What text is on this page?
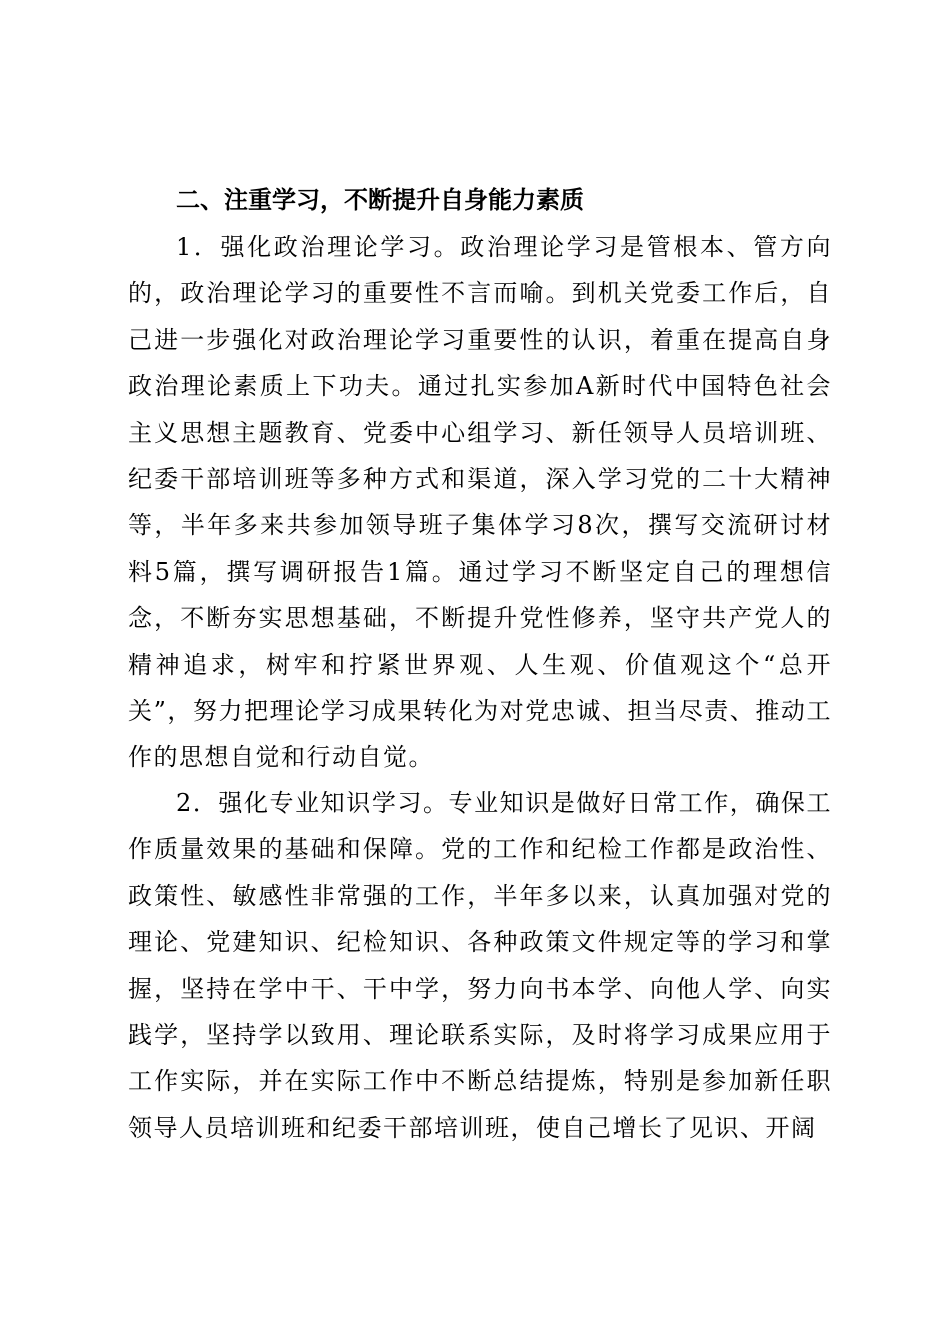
二、注重学习，不断提升自身能力素质

1．强化政治理论学习。政治理论学习是管根本、管方向的，政治理论学习的重要性不言而喻。到机关党委工作后，自己进一步强化对政治理论学习重要性的认识，着重在提高自身政治理论素质上下功夫。通过扎实参加A新时代中国特色社会主义思想主题教育、党委中心组学习、新任领导人员培训班、纪委干部培训班等多种方式和渠道，深入学习党的二十大精神等，半年多来共参加领导班子集体学习8次，撰写交流研讨材料5篇，撰写调研报告1篇。通过学习不断坚定自己的理想信念，不断夯实思想基础，不断提升党性修养，坚守共产党人的精神追求，树牢和拧紧世界观、人生观、价值观这个“总开关”，努力把理论学习成果转化为对党忠诚、担当尽责、推动工作的思想自觉和行动自觉。

2．强化专业知识学习。专业知识是做好日常工作，确保工作质量效果的基础和保障。党的工作和纪检工作都是政治性、政策性、敏感性非常强的工作，半年多以来，认真加强对党的理论、党建知识、纪检知识、各种政策文件规定等的学习和掌握，坚持在学中干、干中学，努力向书本学、向他人学、向实践学，坚持学以致用、理论联系实际，及时将学习成果应用于工作实际，并在实际工作中不断总结提炼，特别是参加新任职领导人员培训班和纪委干部培训班，使自己增长了见识、开阔
